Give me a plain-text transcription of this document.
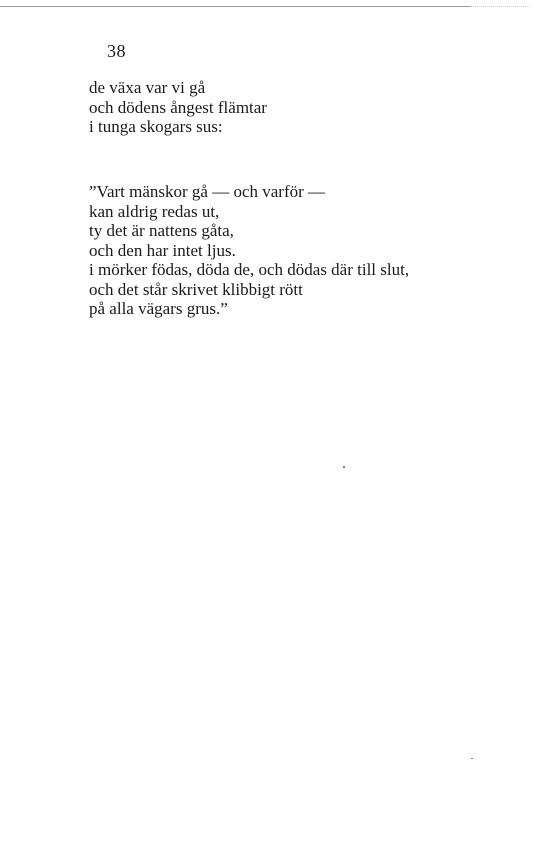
38
de växa var vi gå
och dödens ångest flämtar
i tunga skogars sus:
”Vart mänskor gå — och varför —
kan aldrig redas ut,
ty det är nattens gåta,
och den har intet ljus.
i mörker födas, döda de, och dödas där till slut,
och det står skrivet klibbigt rött
på alla vägars grus.”
